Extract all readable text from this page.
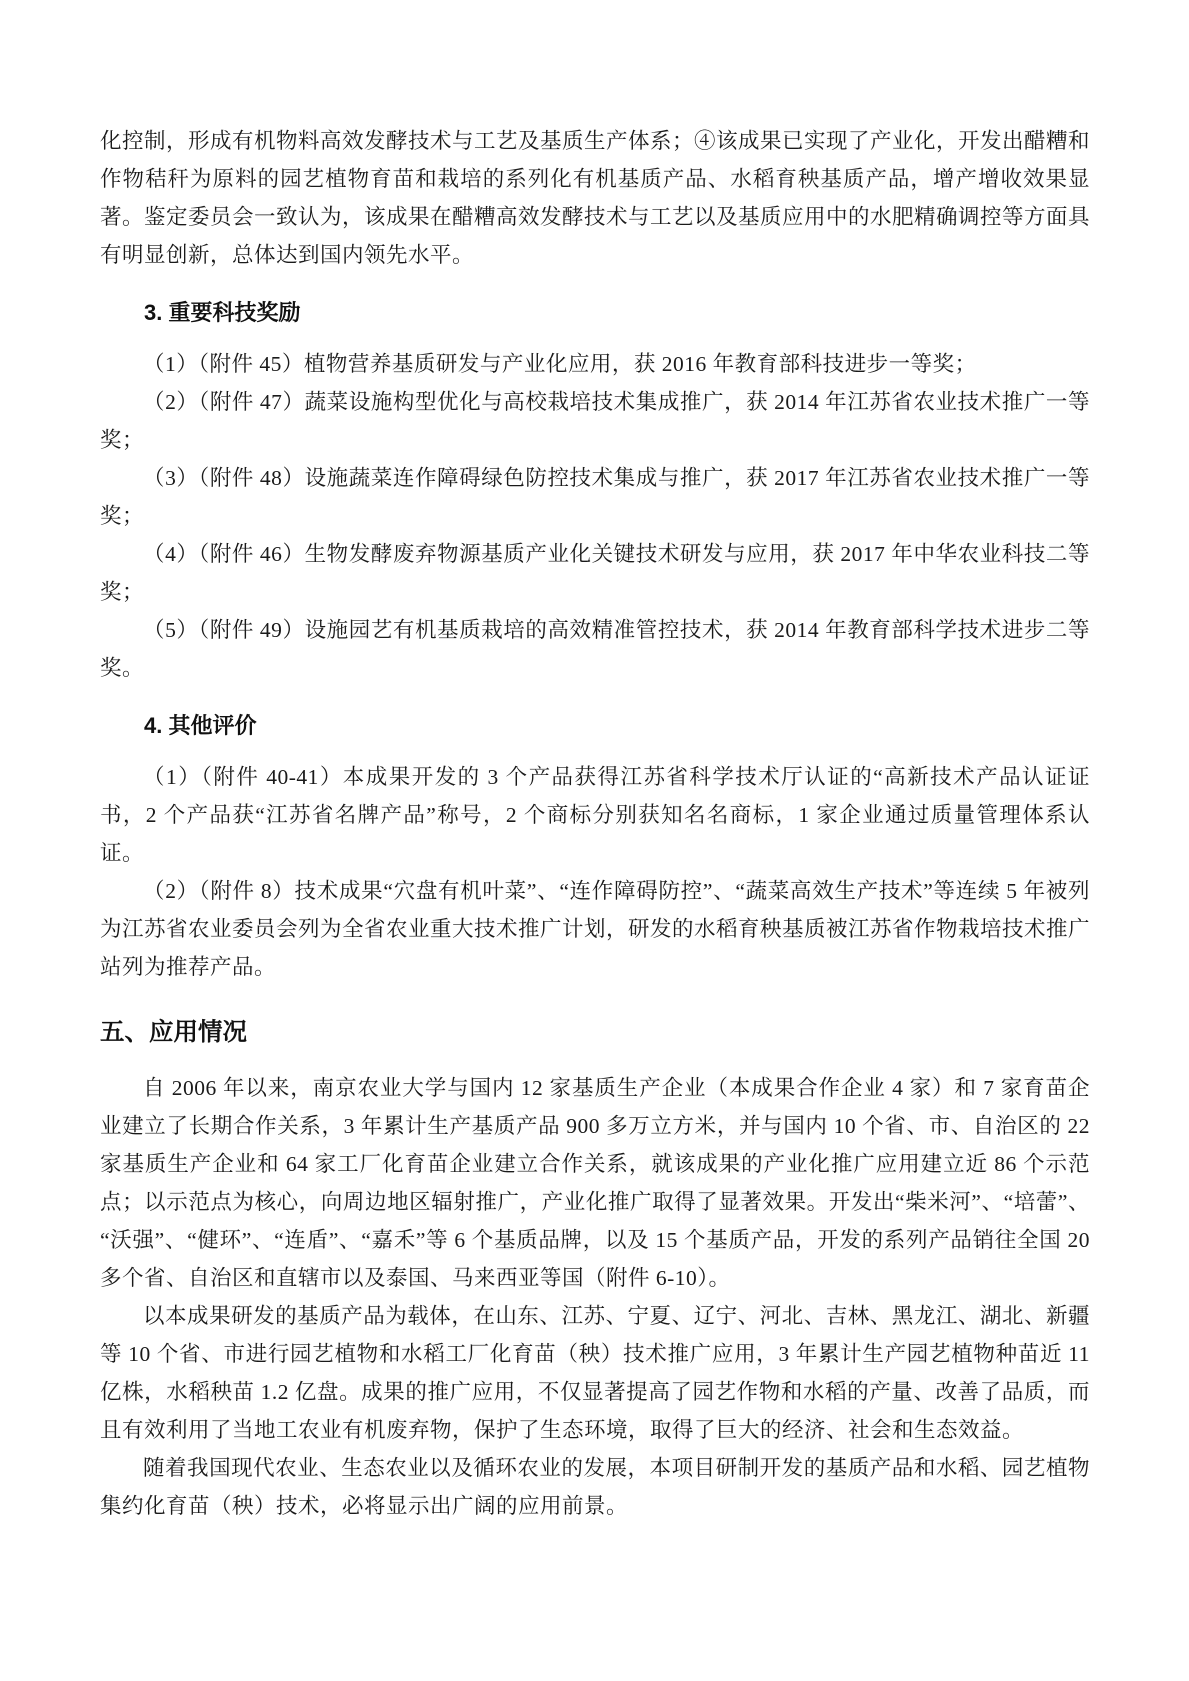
化控制，形成有机物料高效发酵技术与工艺及基质生产体系；④该成果已实现了产业化，开发出醋糟和作物秸秆为原料的园艺植物育苗和栽培的系列化有机基质产品、水稻育秧基质产品，增产增收效果显著。鉴定委员会一致认为，该成果在醋糟高效发酵技术与工艺以及基质应用中的水肥精确调控等方面具有明显创新，总体达到国内领先水平。

3. 重要科技奖励

（1）（附件 45）植物营养基质研发与产业化应用，获 2016 年教育部科技进步一等奖；

（2）（附件 47）蔬菜设施构型优化与高校栽培技术集成推广，获 2014 年江苏省农业技术推广一等奖；

（3）（附件 48）设施蔬菜连作障碍绿色防控技术集成与推广，获 2017 年江苏省农业技术推广一等奖；

（4）（附件 46）生物发酵废弃物源基质产业化关键技术研发与应用，获 2017 年中华农业科技二等奖；

（5）（附件 49）设施园艺有机基质栽培的高效精准管控技术，获 2014 年教育部科学技术进步二等奖。

4. 其他评价

（1）（附件 40-41）本成果开发的 3 个产品获得江苏省科学技术厅认证的“高新技术产品认证证书，2 个产品获“江苏省名牌产品”称号，2 个商标分别获知名名商标，1 家企业通过质量管理体系认证。

（2）（附件 8）技术成果“穴盘有机叶菜”、“连作障碍防控”、“蔬菜高效生产技术”等连续 5 年被列为江苏省农业委员会列为全省农业重大技术推广计划，研发的水稻育秧基质被江苏省作物栽培技术推广站列为推荐产品。

五、应用情况

自 2006 年以来，南京农业大学与国内 12 家基质生产企业（本成果合作企业 4 家）和 7 家育苗企业建立了长期合作关系，3 年累计生产基质产品 900 多万立方米，并与国内 10 个省、市、自治区的 22 家基质生产企业和 64 家工厂化育苗企业建立合作关系，就该成果的产业化推广应用建立近 86 个示范点；以示范点为核心，向周边地区辐射推广，产业化推广取得了显著效果。开发出“柴米河”、“培蕾”、“沃强”、“健环”、“连盾”、“嘉禾”等 6 个基质品牌，以及 15 个基质产品，开发的系列产品销往全国 20 多个省、自治区和直辖市以及泰国、马来西亚等国（附件 6-10）。

以本成果研发的基质产品为载体，在山东、江苏、宁夏、辽宁、河北、吉林、黑龙江、湖北、新疆等 10 个省、市进行园艺植物和水稻工厂化育苗（秧）技术推广应用，3 年累计生产园艺植物种苗近 11 亿株，水稻秧苗 1.2 亿盘。成果的推广应用，不仅显著提高了园艺作物和水稻的产量、改善了品质，而且有效利用了当地工农业有机废弃物，保护了生态环境，取得了巨大的经济、社会和生态效益。

随着我国现代农业、生态农业以及循环农业的发展，本项目研制开发的基质产品和水稻、园艺植物集约化育苗（秧）技术，必将显示出广阔的应用前景。
